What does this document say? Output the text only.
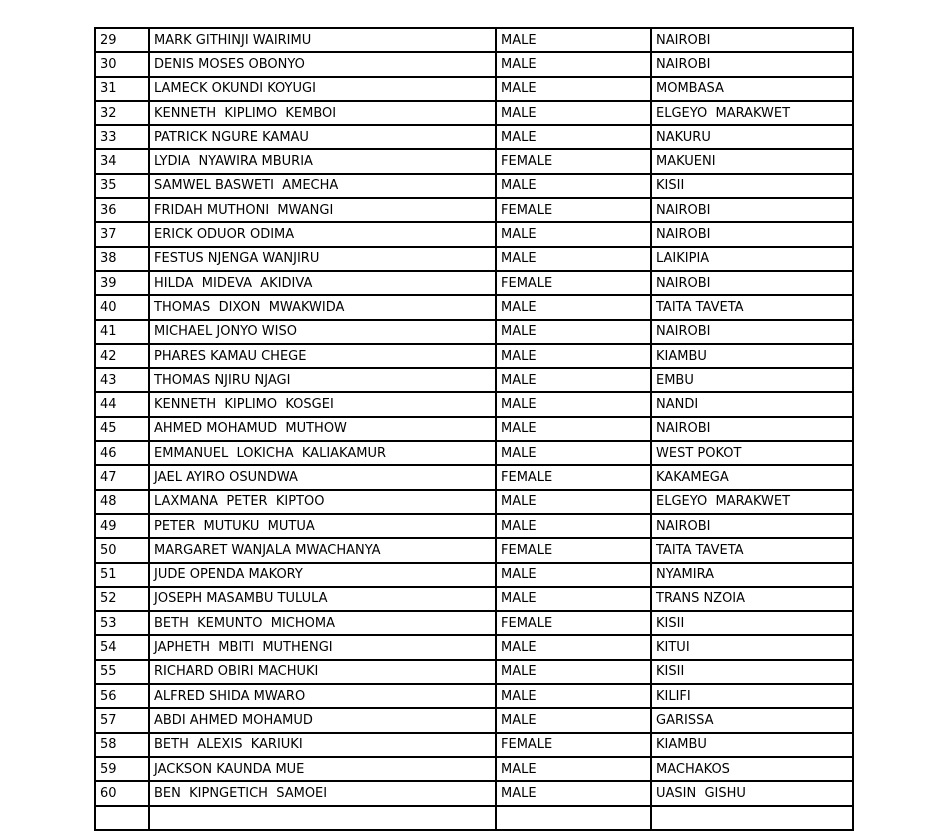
29	MARK GITHINJI WAIRIMU	MALE	NAIROBI
30	DENIS MOSES OBONYO	MALE	NAIROBI
31	LAMECK OKUNDI KOYUGI	MALE	MOMBASA
32	KENNETH  KIPLIMO  KEMBOI	MALE	ELGEYO  MARAKWET
33	PATRICK NGURE KAMAU	MALE	NAKURU
34	LYDIA  NYAWIRA MBURIA	FEMALE	MAKUENI
35	SAMWEL BASWETI  AMECHA	MALE	KISII
36	FRIDAH MUTHONI  MWANGI	FEMALE	NAIROBI
37	ERICK ODUOR ODIMA	MALE	NAIROBI
38	FESTUS NJENGA WANJIRU	MALE	LAIKIPIA
39	HILDA  MIDEVA  AKIDIVA	FEMALE	NAIROBI
40	THOMAS  DIXON  MWAKWIDA	MALE	TAITA TAVETA
41	MICHAEL JONYO WISO	MALE	NAIROBI
42	PHARES KAMAU CHEGE	MALE	KIAMBU
43	THOMAS NJIRU NJAGI	MALE	EMBU
44	KENNETH  KIPLIMO  KOSGEI	MALE	NANDI
45	AHMED MOHAMUD  MUTHOW	MALE	NAIROBI
46	EMMANUEL  LOKICHA  KALIAKAMUR	MALE	WEST POKOT
47	JAEL AYIRO OSUNDWA	FEMALE	KAKAMEGA
48	LAXMANA  PETER  KIPTOO	MALE	ELGEYO  MARAKWET
49	PETER  MUTUKU  MUTUA	MALE	NAIROBI
50	MARGARET WANJALA MWACHANYA	FEMALE	TAITA TAVETA
51	JUDE OPENDA MAKORY	MALE	NYAMIRA
52	JOSEPH MASAMBU TULULA	MALE	TRANS NZOIA
53	BETH  KEMUNTO  MICHOMA	FEMALE	KISII
54	JAPHETH  MBITI  MUTHENGI	MALE	KITUI
55	RICHARD OBIRI MACHUKI	MALE	KISII
56	ALFRED SHIDA MWARO	MALE	KILIFI
57	ABDI AHMED MOHAMUD	MALE	GARISSA
58	BETH  ALEXIS  KARIUKI	FEMALE	KIAMBU
59	JACKSON KAUNDA MUE	MALE	MACHAKOS
60	BEN  KIPNGETICH  SAMOEI	MALE	UASIN  GISHU
